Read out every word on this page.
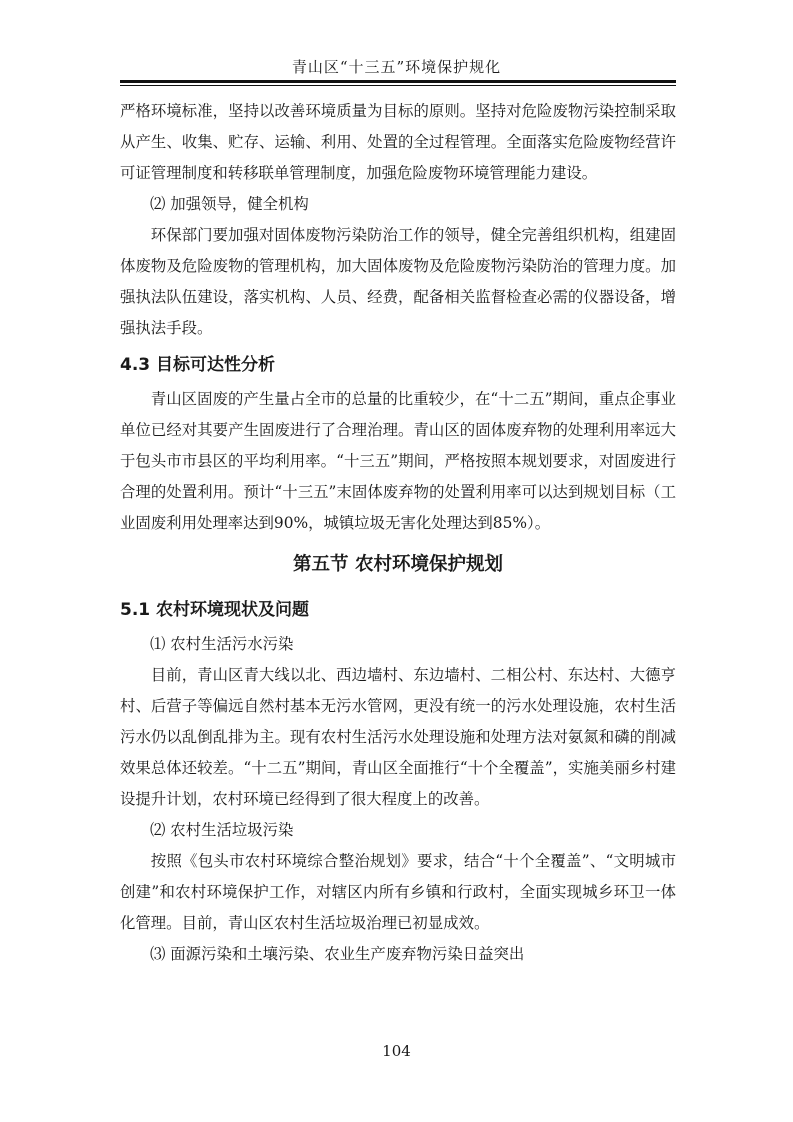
青山区“十三五”环境保护规化

严格环境标准，坚持以改善环境质量为目标的原则。坚持对危险废物污染控制采取从产生、收集、贮存、运输、利用、处置的全过程管理。全面落实危险废物经营许可证管理制度和转移联单管理制度，加强危险废物环境管理能力建设。

⑵ 加强领导，健全机构

环保部门要加强对固体废物污染防治工作的领导，健全完善组织机构，组建固体废物及危险废物的管理机构，加大固体废物及危险废物污染防治的管理力度。加强执法队伍建设，落实机构、人员、经费，配备相关监督检查必需的仪器设备，增强执法手段。

4.3 目标可达性分析

青山区固废的产生量占全市的总量的比重较少，在“十二五”期间，重点企事业单位已经对其要产生固废进行了合理治理。青山区的固体废弃物的处理利用率远大于包头市市县区的平均利用率。“十三五”期间，严格按照本规划要求，对固废进行合理的处置利用。预计“十三五”末固体废弃物的处置利用率可以达到规划目标（工业固废利用处理率达到90%，城镇垃圾无害化处理达到85%）。

第五节 农村环境保护规划
5.1 农村环境现状及问题

⑴ 农村生活污水污染

目前，青山区青大线以北、西边墙村、东边墙村、二相公村、东达村、大德亨村、后营子等偏远自然村基本无污水管网，更没有统一的污水处理设施，农村生活污水仍以乱倒乱排为主。现有农村生活污水处理设施和处理方法对氨氮和磷的削减效果总体还较差。“十二五”期间，青山区全面推行“十个全覆盖”，实施美丽乡村建设提升计划，农村环境已经得到了很大程度上的改善。

⑵ 农村生活垃圾污染

按照《包头市农村环境综合整治规划》要求，结合“十个全覆盖”、“文明城市创建”和农村环境保护工作，对辖区内所有乡镇和行政村，全面实现城乡环卫一体化管理。目前，青山区农村生活垃圾治理已初显成效。

⑶ 面源污染和土壤污染、农业生产废弃物污染日益突出

104
